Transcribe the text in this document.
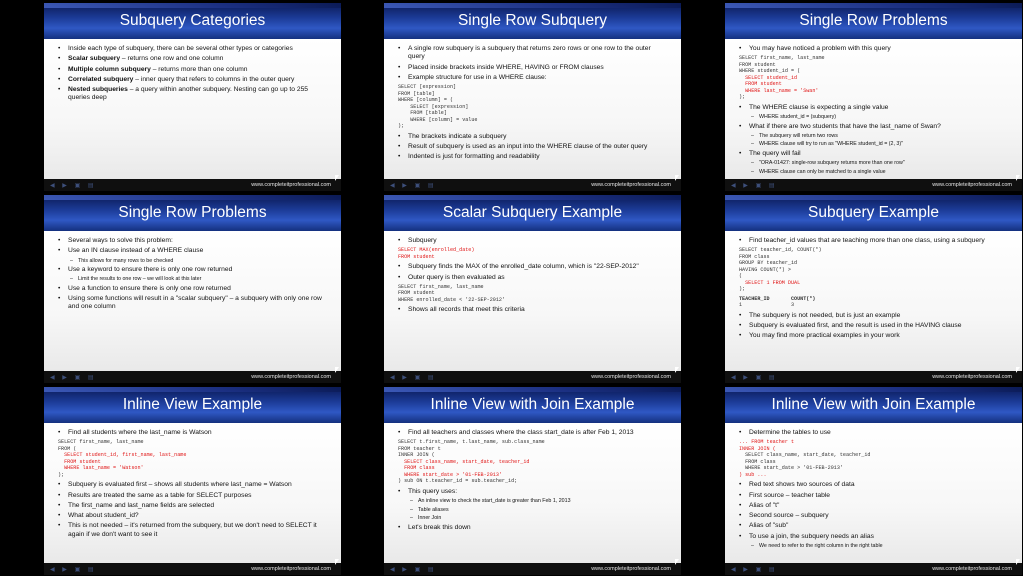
Subquery Categories
• Inside each type of subquery, there can be several other types or categories
• Scalar subquery – returns one row and one column
• Multiple column subquery – returns more than one column
• Correlated subquery – inner query that refers to columns in the outer query
• Nested subqueries – a query within another subquery. Nesting can go up to 255 queries deep
◀ ▶ ▣ ▤	www.completeitprofessional.com
Single Row Subquery
• A single row subquery is a subquery that returns zero rows or one row to the outer query
• Placed inside brackets inside WHERE, HAVING or FROM clauses
• Example structure for use in a WHERE clause:
SELECT [expression]
FROM [table]
WHERE [column] = (
SELECT [expression]
FROM [table]
WHERE [column] = value
);
• The brackets indicate a subquery
• Result of subquery is used as an input into the WHERE clause of the outer query
• Indented is just for formatting and readability
◀ ▶ ▣ ▤	www.completeitprofessional.com
Single Row Problems
• You may have noticed a problem with this query
SELECT first_name, last_name
FROM student
WHERE student_id = (
SELECT student_id
FROM student
WHERE last_name = 'Swan'
);
• The WHERE clause is expecting a single value
– WHERE student_id = (subquery)
• What if there are two students that have the last_name of Swan?
– The subquery will return two rows
– WHERE clause will try to run as "WHERE student_id = (2, 3)"
• The query will fail
– "ORA-01427: single-row subquery returns more than one row"
– WHERE clause can only be matched to a single value
◀ ▶ ▣ ▤	www.completeitprofessional.com
Single Row Problems
• Several ways to solve this problem:
• Use an IN clause instead of a WHERE clause
– This allows for many rows to be checked
• Use a keyword to ensure there is only one row returned
– Limit the results to one row – we will look at this later
• Use a function to ensure there is only one row returned
• Using some functions will result in a "scalar subquery" – a subquery with only one row and one column
◀ ▶ ▣ ▤	www.completeitprofessional.com
Scalar Subquery Example
• Subquery
SELECT MAX(enrolled_date)
FROM student
• Subquery finds the MAX of the enrolled_date column, which is "22-SEP-2012"
• Outer query is then evaluated as
SELECT first_name, last_name
FROM student
WHERE enrolled_date < '22-SEP-2012'
• Shows all records that meet this criteria
◀ ▶ ▣ ▤	www.completeitprofessional.com
Subquery Example
• Find teacher_id values that are teaching more than one class, using a subquery
SELECT teacher_id, COUNT(*)
FROM class
GROUP BY teacher_id
HAVING COUNT(*) >
(
SELECT 1 FROM DUAL
);
TEACHER_ID	COUNT(*)
1	3
• The subquery is not needed, but is just an example
• Subquery is evaluated first, and the result is used in the HAVING clause
• You may find more practical examples in your work
◀ ▶ ▣ ▤	www.completeitprofessional.com
Inline View Example
• Find all students where the last_name is Watson
SELECT first_name, last_name
FROM (
SELECT student_id, first_name, last_name
FROM student
WHERE last_name = 'Watson'
);
• Subquery is evaluated first – shows all students where last_name = Watson
• Results are treated the same as a table for SELECT purposes
• The first_name and last_name fields are selected
• What about student_id?
• This is not needed – it's returned from the subquery, but we don't need to SELECT it again if we don't want to see it
◀ ▶ ▣ ▤	www.completeitprofessional.com
Inline View with Join Example
• Find all teachers and classes where the class start_date is after Feb 1, 2013
SELECT t.first_name, t.last_name, sub.class_name
FROM teacher t
INNER JOIN (
SELECT class_name, start_date, teacher_id
FROM class
WHERE start_date > '01-FEB-2013'
) sub ON t.teacher_id = sub.teacher_id;
• This query uses:
– An inline view to check the start_date is greater than Feb 1, 2013
– Table aliases
– Inner Join
• Let's break this down
◀ ▶ ▣ ▤	www.completeitprofessional.com
Inline View with Join Example
• Determine the tables to use
... FROM teacher t
INNER JOIN (
SELECT class_name, start_date, teacher_id
FROM class
WHERE start_date > '01-FEB-2013'
) sub ...
• Red text shows two sources of data
• First source – teacher table
• Alias of "t"
• Second source – subquery
• Alias of "sub"
• To use a join, the subquery needs an alias
– We need to refer to the right column in the right table
◀ ▶ ▣ ▤	www.completeitprofessional.com
